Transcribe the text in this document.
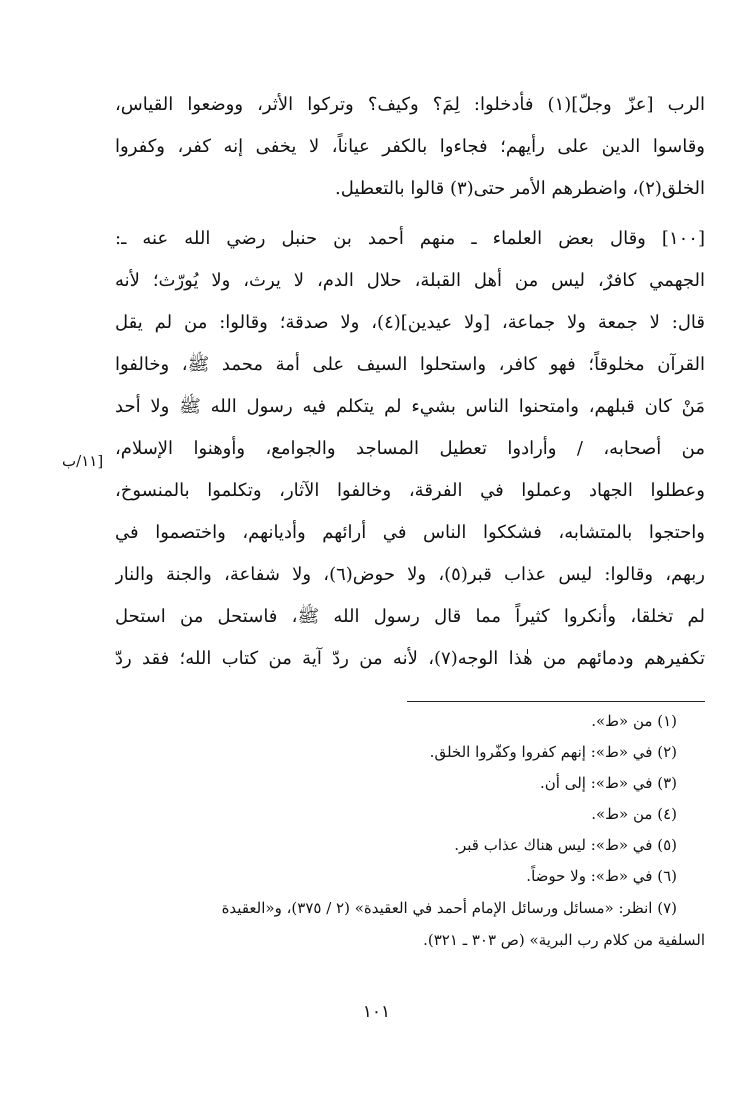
الرب [عزّ وجلّ](١) فأدخلوا: لِمَ؟ وكيف؟ وتركوا الأثر، ووضعوا القياس،
وقاسوا الدين على رأيهم؛ فجاءوا بالكفر عياناً، لا يخفى إنه كفر، وكفروا
الخلق(٢)، واضطرهم الأمر حتى(٣) قالوا بالتعطيل.
[١٠٠] وقال بعض العلماء ـ منهم أحمد بن حنبل رضي الله عنه ـ:
الجهمي كافرٌ، ليس من أهل القبلة، حلال الدم، لا يرث، ولا يُورّث؛ لأنه
قال: لا جمعة ولا جماعة، [ولا عيدين](٤)، ولا صدقة؛ وقالوا: من لم يقل
القرآن مخلوقاً؛ فهو كافر، واستحلوا السيف على أمة محمد ﷺ، وخالفوا
مَنْ كان قبلهم، وامتحنوا الناس بشيء لم يتكلم فيه رسول الله ﷺ ولا أحد
من أصحابه، / وأرادوا تعطيل المساجد والجوامع، وأوهنوا الإسلام،
وعطلوا الجهاد وعملوا في الفرقة، وخالفوا الآثار، وتكلموا بالمنسوخ،
واحتجوا بالمتشابه، فشككوا الناس في أرائهم وأديانهم، واختصموا في
ربهم، وقالوا: ليس عذاب قبر(٥)، ولا حوض(٦)، ولا شفاعة، والجنة والنار
لم تخلقا، وأنكروا كثيراً مما قال رسول الله ﷺ، فاستحل من استحل
تكفيرهم ودمائهم من هٰذا الوجه(٧)، لأنه من ردّ آية من كتاب الله؛ فقد ردّ
[١١/ب
(١) من «ط».
(٢) في «ط»: إنهم كفروا وكفّروا الخلق.
(٣) في «ط»: إلى أن.
(٤) من «ط».
(٥) في «ط»: ليس هناك عذاب قبر.
(٦) في «ط»: ولا حوضاً.
(٧) انظر: «مسائل ورسائل الإمام أحمد في العقيدة» (٢ / ٣٧٥)، و«العقيدة
السلفية من كلام رب البرية» (ص ٣٠٣ ـ ٣٢١).
١٠١
